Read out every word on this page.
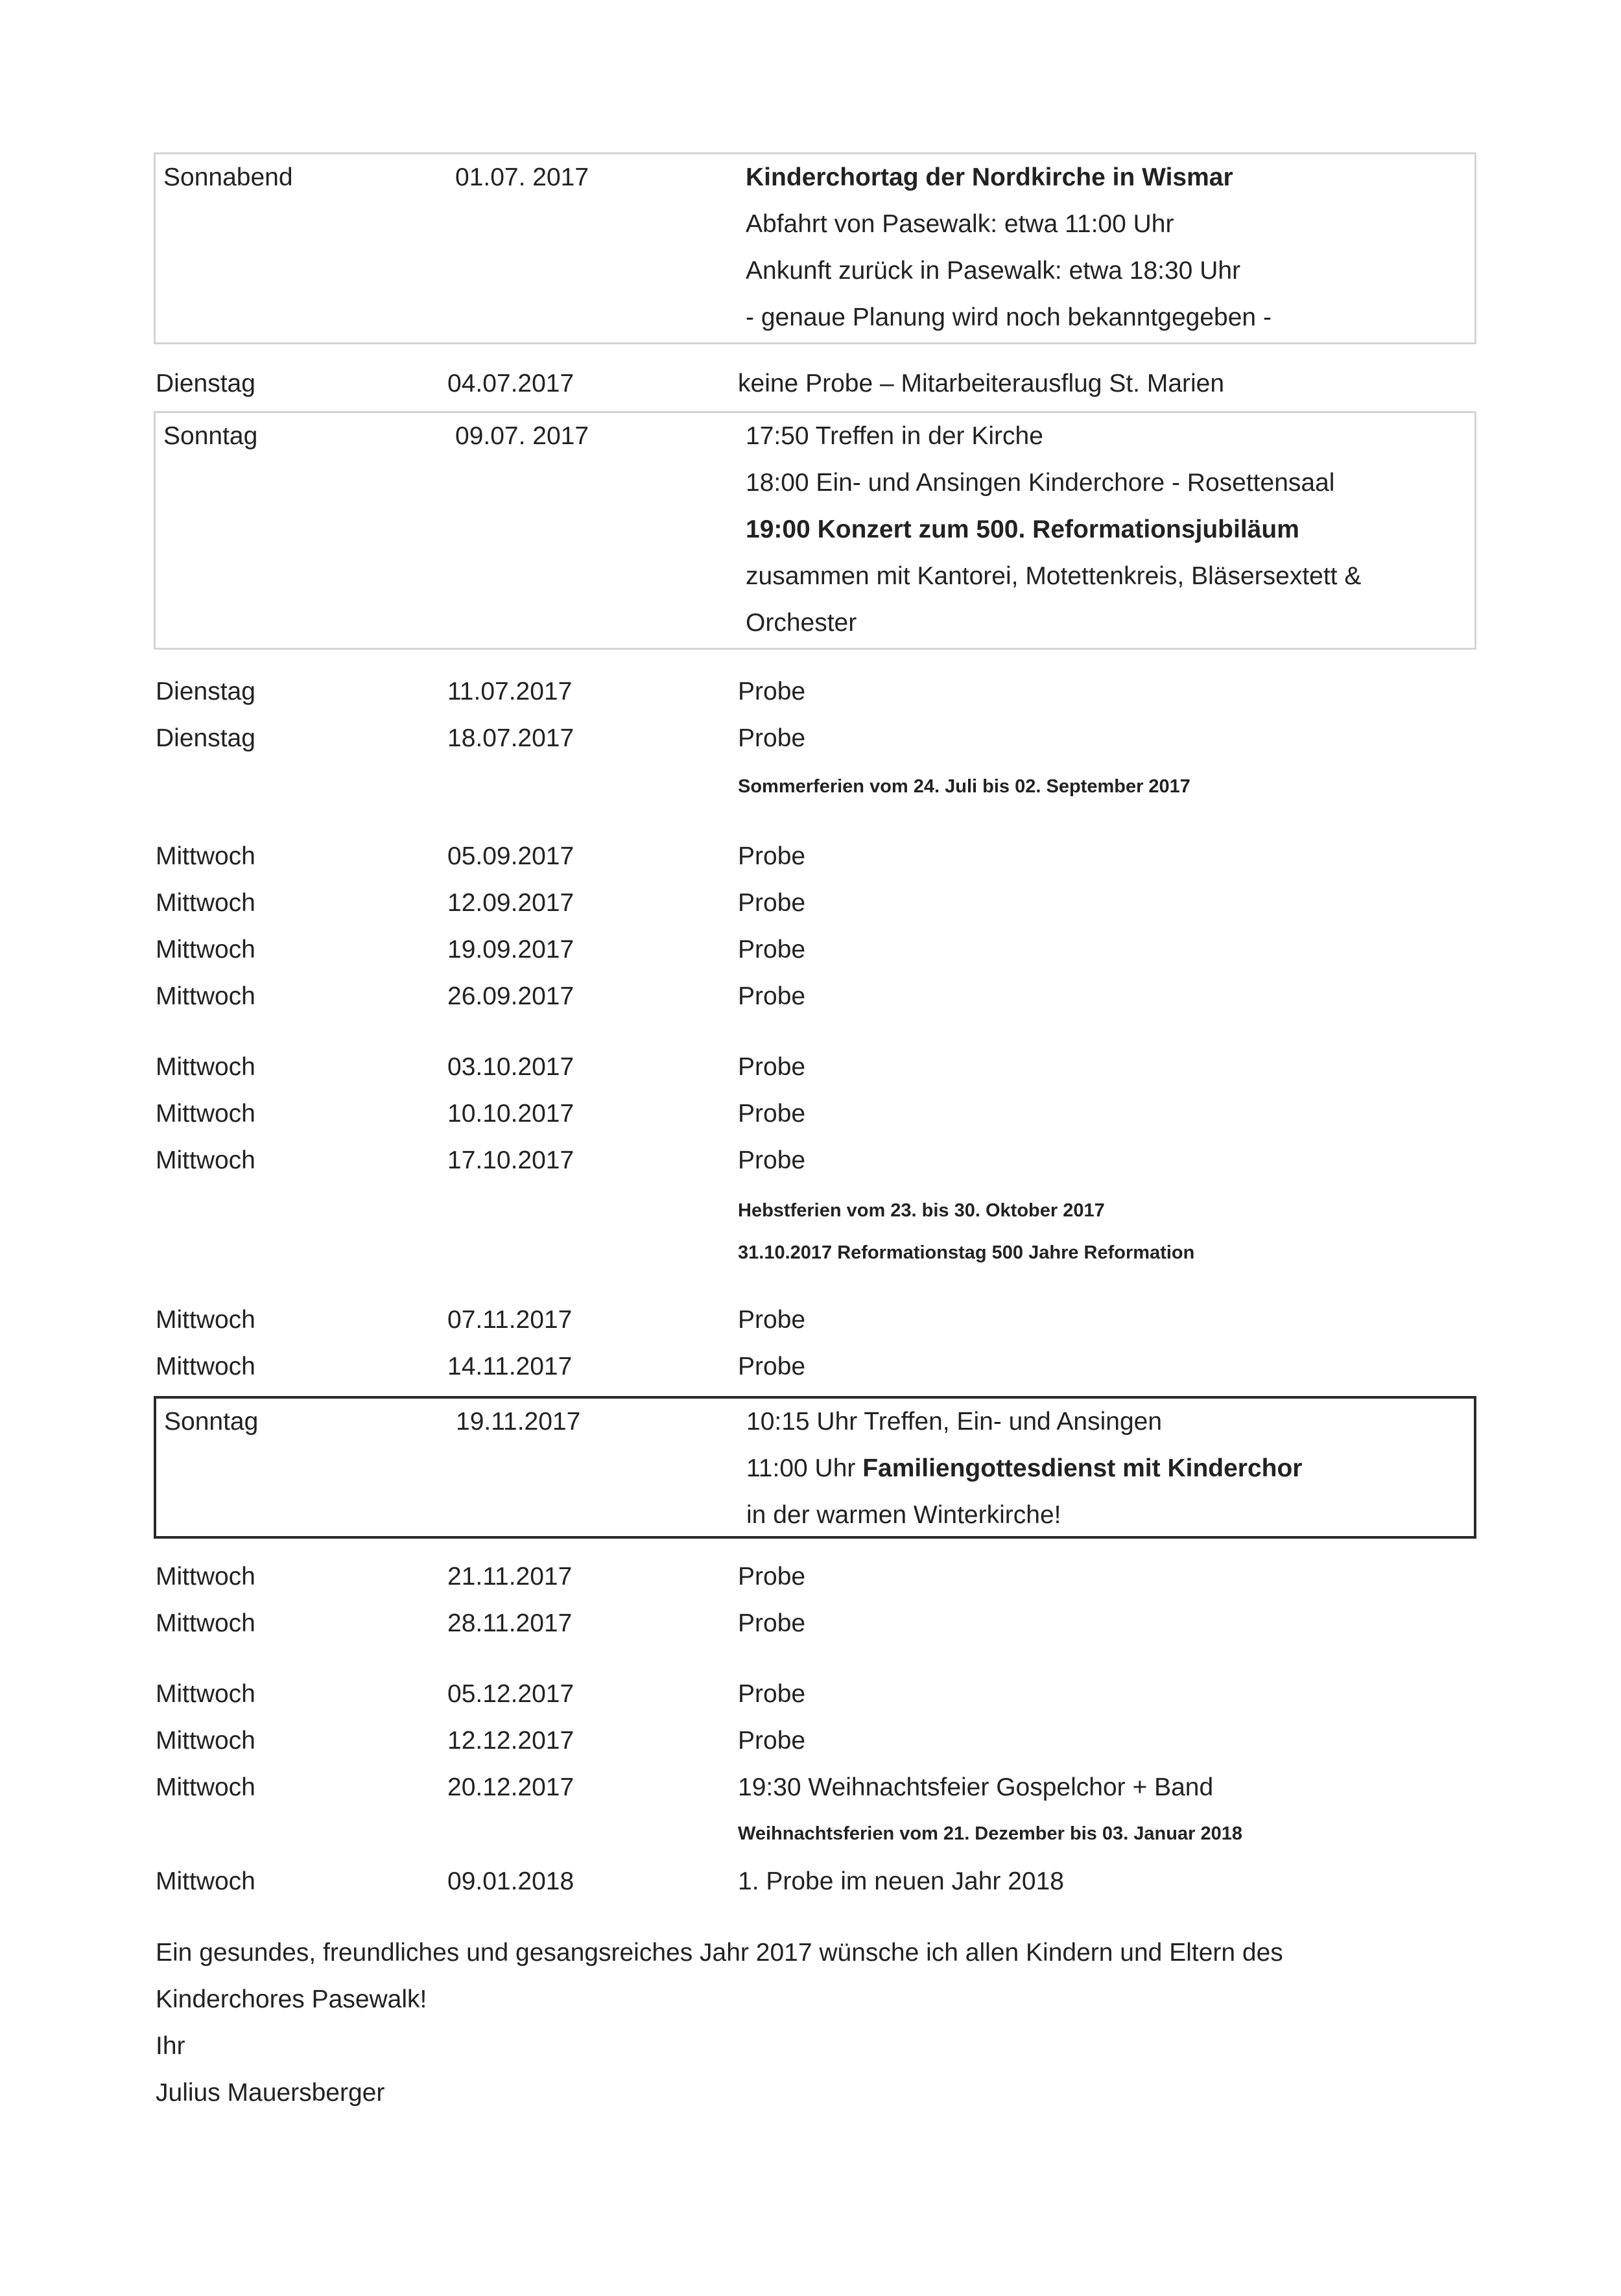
Sonnabend	01.07. 2017	Kinderchortag der Nordkirche in Wismar
Abfahrt von Pasewalk: etwa 11:00 Uhr
Ankunft zurück in Pasewalk: etwa 18:30 Uhr
- genaue Planung wird noch bekanntgegeben -
Dienstag	04.07.2017	keine Probe – Mitarbeiterausflug St. Marien
Sonntag	09.07. 2017	17:50 Treffen in der Kirche
18:00 Ein- und Ansingen Kinderchore - Rosettensaal
19:00 Konzert zum 500. Reformationsjubiläum
zusammen mit Kantorei, Motettenkreis, Bläsersextett &
Orchester
Dienstag	11.07.2017	Probe
Dienstag	18.07.2017	Probe
Sommerferien vom 24. Juli bis 02. September 2017
Mittwoch	05.09.2017	Probe
Mittwoch	12.09.2017	Probe
Mittwoch	19.09.2017	Probe
Mittwoch	26.09.2017	Probe
Mittwoch	03.10.2017	Probe
Mittwoch	10.10.2017	Probe
Mittwoch	17.10.2017	Probe
Hebstferien vom 23. bis 30. Oktober 2017
31.10.2017 Reformationstag 500 Jahre Reformation
Mittwoch	07.11.2017	Probe
Mittwoch	14.11.2017	Probe
Sonntag	19.11.2017	10:15 Uhr Treffen, Ein- und Ansingen
11:00 Uhr Familiengottesdienst mit Kinderchor
in der warmen Winterkirche!
Mittwoch	21.11.2017	Probe
Mittwoch	28.11.2017	Probe
Mittwoch	05.12.2017	Probe
Mittwoch	12.12.2017	Probe
Mittwoch	20.12.2017	19:30 Weihnachtsfeier Gospelchor + Band
Weihnachtsferien vom 21. Dezember bis 03. Januar 2018
Mittwoch	09.01.2018	1. Probe im neuen Jahr 2018
Ein gesundes, freundliches und gesangsreiches Jahr 2017 wünsche ich allen Kindern und Eltern des
Kinderchores Pasewalk!
Ihr
Julius Mauersberger
